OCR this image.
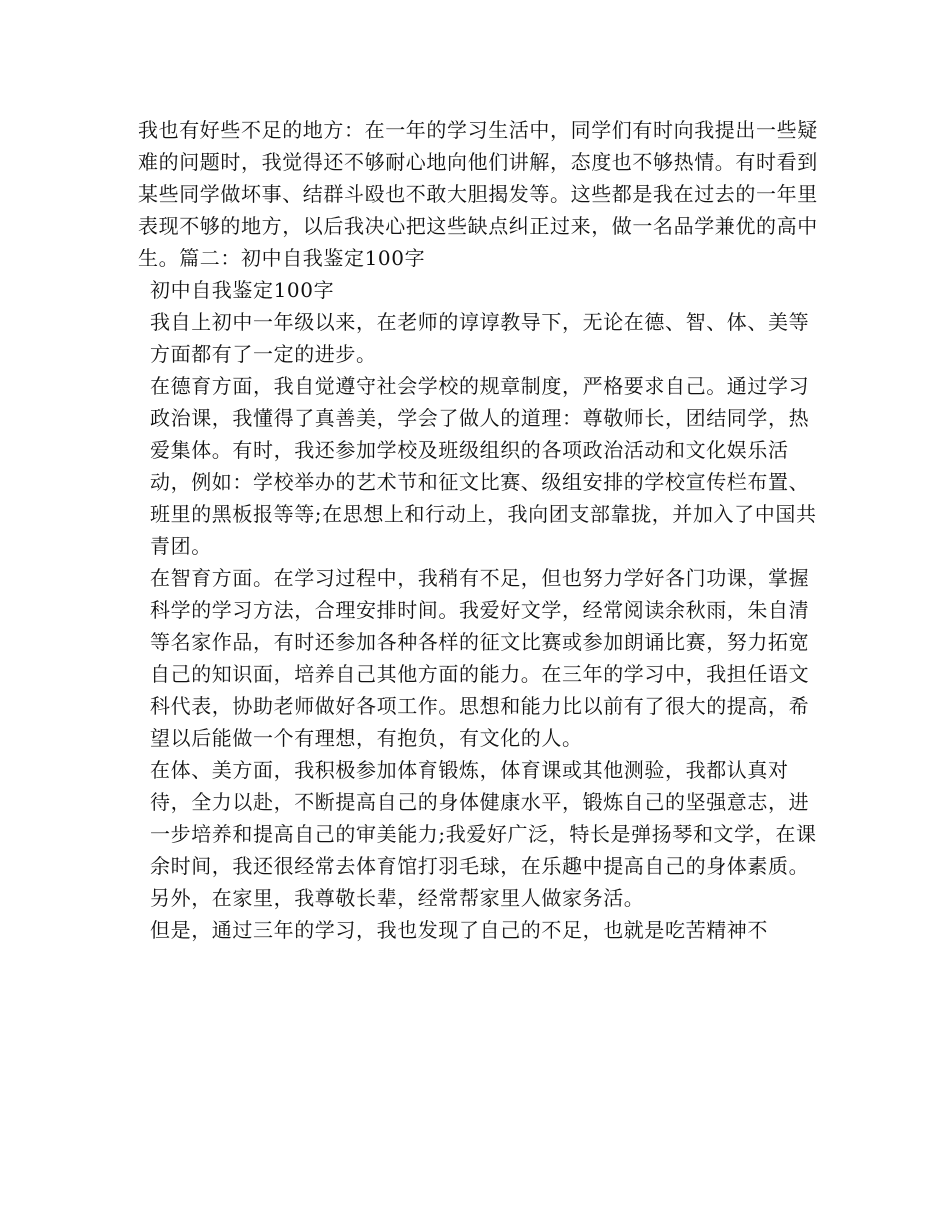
我也有好些不足的地方：在一年的学习生活中，同学们有时向我提出一些疑难的问题时，我觉得还不够耐心地向他们讲解，态度也不够热情。有时看到某些同学做坏事、结群斗殴也不敢大胆揭发等。这些都是我在过去的一年里表现不够的地方，以后我决心把这些缺点纠正过来，做一名品学兼优的高中生。篇二：初中自我鉴定100字

初中自我鉴定100字

我自上初中一年级以来，在老师的谆谆教导下，无论在德、智、体、美等方面都有了一定的进步。

在德育方面，我自觉遵守社会学校的规章制度，严格要求自己。通过学习政治课，我懂得了真善美，学会了做人的道理：尊敬师长，团结同学，热爱集体。有时，我还参加学校及班级组织的各项政治活动和文化娱乐活动，例如：学校举办的艺术节和征文比赛、级组安排的学校宣传栏布置、班里的黑板报等等;在思想上和行动上，我向团支部靠拢，并加入了中国共青团。

在智育方面。在学习过程中，我稍有不足，但也努力学好各门功课，掌握科学的学习方法，合理安排时间。我爱好文学，经常阅读余秋雨，朱自清等名家作品，有时还参加各种各样的征文比赛或参加朗诵比赛，努力拓宽自己的知识面，培养自己其他方面的能力。在三年的学习中，我担任语文科代表，协助老师做好各项工作。思想和能力比以前有了很大的提高，希望以后能做一个有理想，有抱负，有文化的人。

在体、美方面，我积极参加体育锻炼，体育课或其他测验，我都认真对待，全力以赴，不断提高自己的身体健康水平，锻炼自己的坚强意志，进一步培养和提高自己的审美能力;我爱好广泛，特长是弹扬琴和文学，在课余时间，我还很经常去体育馆打羽毛球，在乐趣中提高自己的身体素质。

另外，在家里，我尊敬长辈，经常帮家里人做家务活。

但是，通过三年的学习，我也发现了自己的不足，也就是吃苦精神不
